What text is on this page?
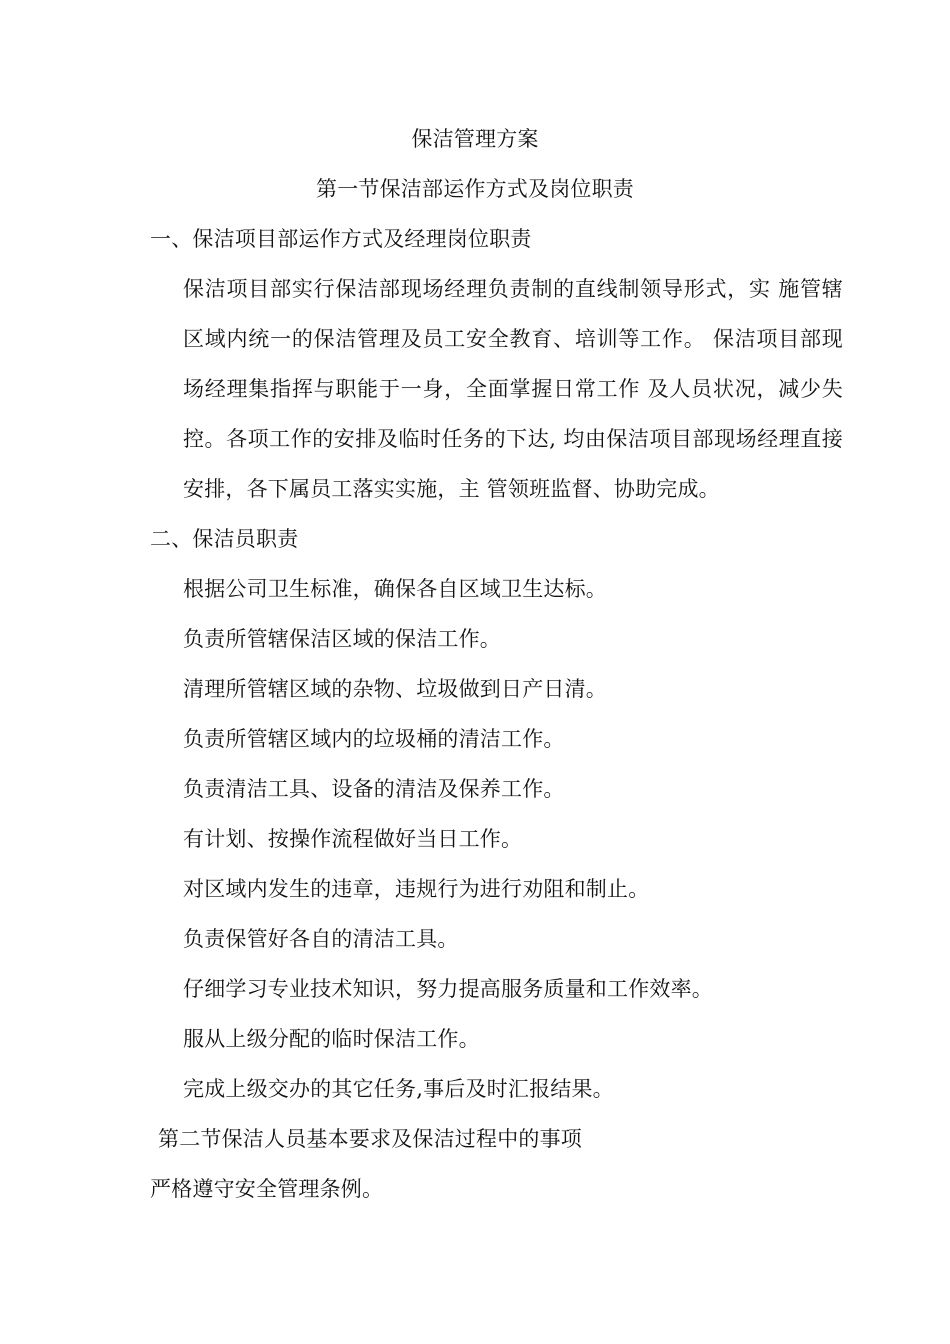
保洁管理方案
第一节保洁部运作方式及岗位职责
一、保洁项目部运作方式及经理岗位职责
保洁项目部实行保洁部现场经理负责制的直线制领导形式，实 施管辖
区域内统一的保洁管理及员工安全教育、培训等工作。 保洁项目部现
场经理集指挥与职能于一身，全面掌握日常工作 及人员状况，减少失
控。各项工作的安排及临时任务的下达, 均由保洁项目部现场经理直接
安排，各下属员工落实实施，主 管领班监督、协助完成。
二、保洁员职责
根据公司卫生标准，确保各自区域卫生达标。
负责所管辖保洁区域的保洁工作。
清理所管辖区域的杂物、垃圾做到日产日清。
负责所管辖区域内的垃圾桶的清洁工作。
负责清洁工具、设备的清洁及保养工作。
有计划、按操作流程做好当日工作。
对区域内发生的违章，违规行为进行劝阻和制止。
负责保管好各自的清洁工具。
仔细学习专业技术知识，努力提高服务质量和工作效率。
服从上级分配的临时保洁工作。
完成上级交办的其它任务,事后及时汇报结果。
第二节保洁人员基本要求及保洁过程中的事项
严格遵守安全管理条例。
